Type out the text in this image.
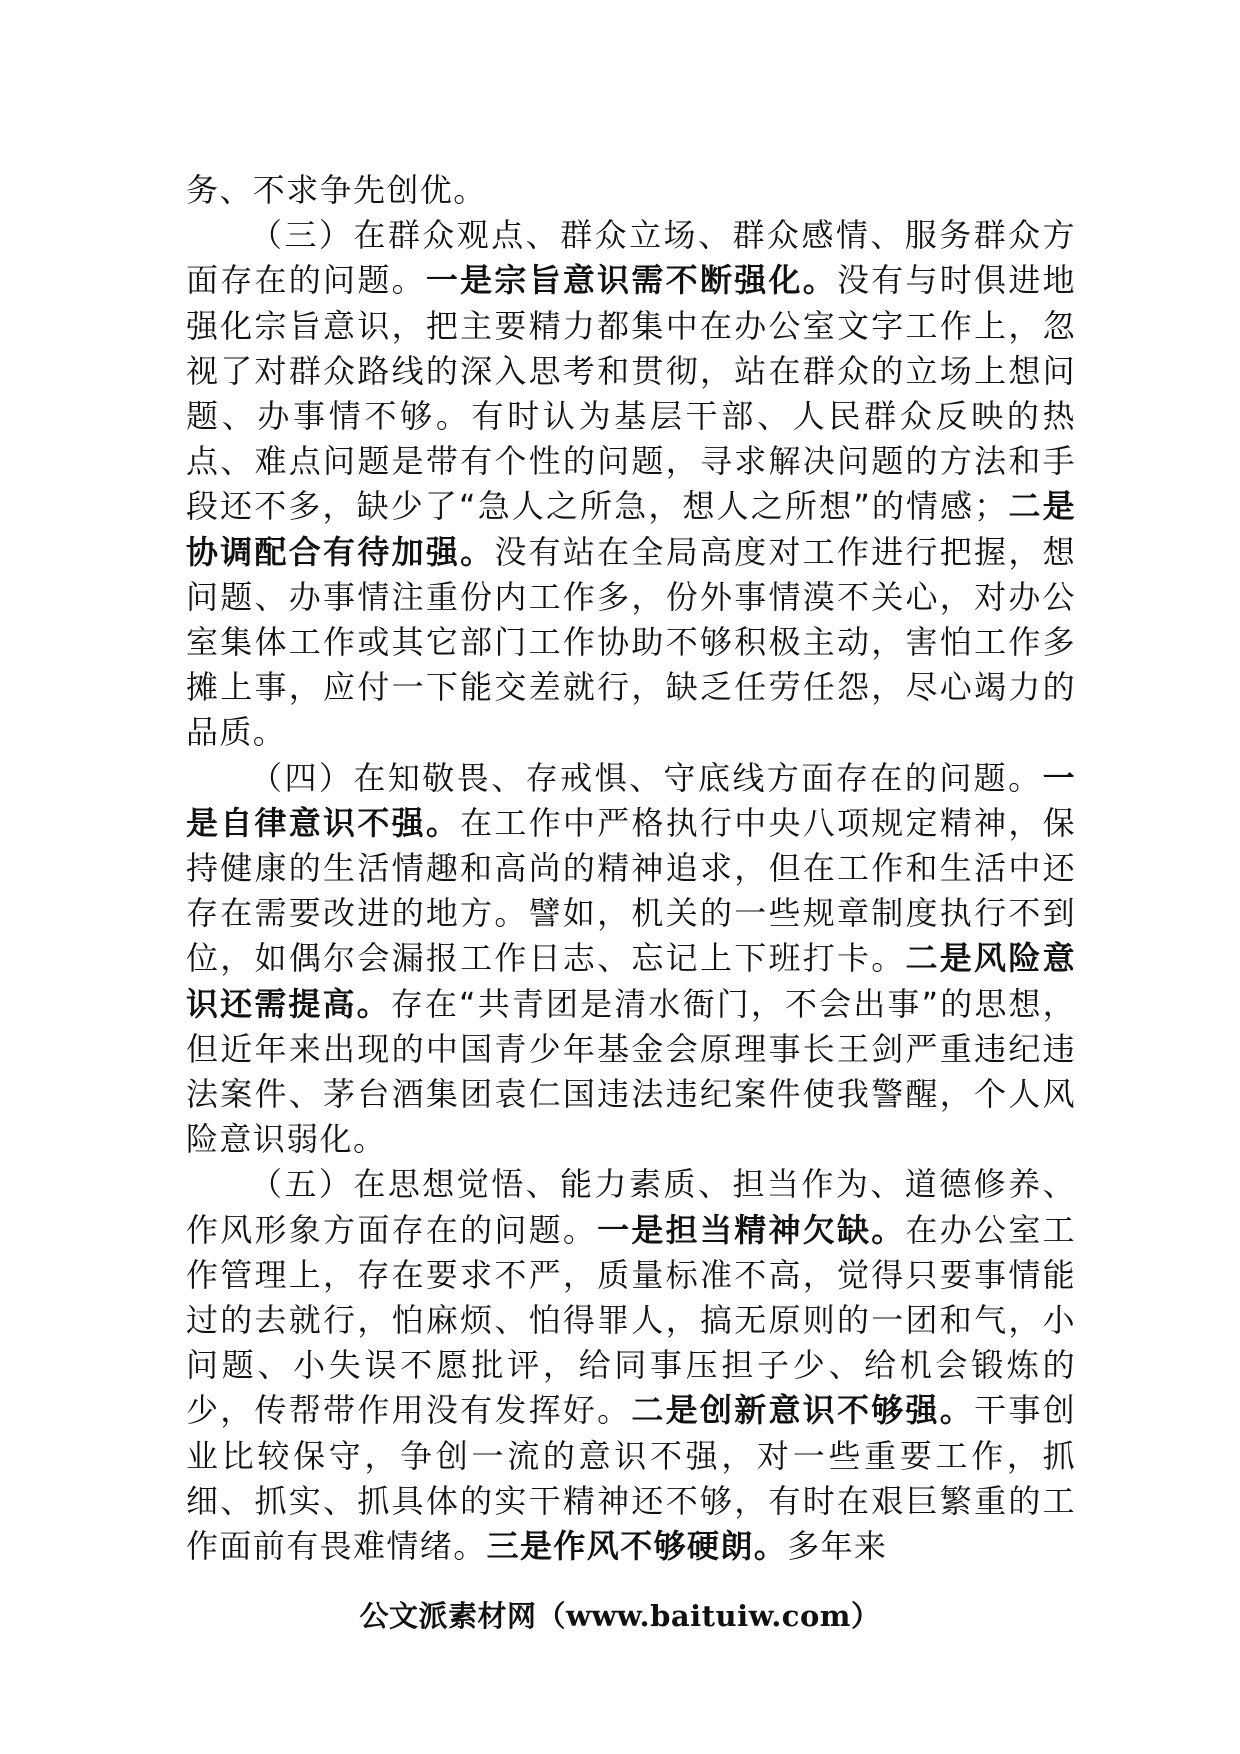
务、不求争先创优。

（三）在群众观点、群众立场、群众感情、服务群众方面存在的问题。一是宗旨意识需不断强化。没有与时俱进地强化宗旨意识，把主要精力都集中在办公室文字工作上，忽视了对群众路线的深入思考和贯彻，站在群众的立场上想问题、办事情不够。有时认为基层干部、人民群众反映的热点、难点问题是带有个性的问题，寻求解决问题的方法和手段还不多，缺少了“急人之所急，想人之所想”的情感；二是协调配合有待加强。没有站在全局高度对工作进行把握，想问题、办事情注重份内工作多，份外事情漠不关心，对办公室集体工作或其它部门工作协助不够积极主动，害怕工作多摊上事，应付一下能交差就行，缺乏任劳任怨，尽心竭力的品质。

（四）在知敬畏、存戒惧、守底线方面存在的问题。一是自律意识不强。在工作中严格执行中央八项规定精神，保持健康的生活情趣和高尚的精神追求，但在工作和生活中还存在需要改进的地方。譬如，机关的一些规章制度执行不到位，如偶尔会漏报工作日志、忘记上下班打卡。二是风险意识还需提高。存在“共青团是清水衙门，不会出事”的思想，但近年来出现的中国青少年基金会原理事长王剑严重违纪违法案件、茅台酒集团袁仁国违法违纪案件使我警醒，个人风险意识弱化。

（五）在思想觉悟、能力素质、担当作为、道德修养、作风形象方面存在的问题。一是担当精神欠缺。在办公室工作管理上，存在要求不严，质量标准不高，觉得只要事情能过的去就行，怕麻烦、怕得罪人，搞无原则的一团和气，小问题、小失误不愿批评，给同事压担子少、给机会锻炼的少，传帮带作用没有发挥好。二是创新意识不够强。干事创业比较保守，争创一流的意识不强，对一些重要工作，抓细、抓实、抓具体的实干精神还不够，有时在艰巨繁重的工作面前有畏难情绪。三是作风不够硬朗。多年来

公文派素材网（www.baituiw.com）
